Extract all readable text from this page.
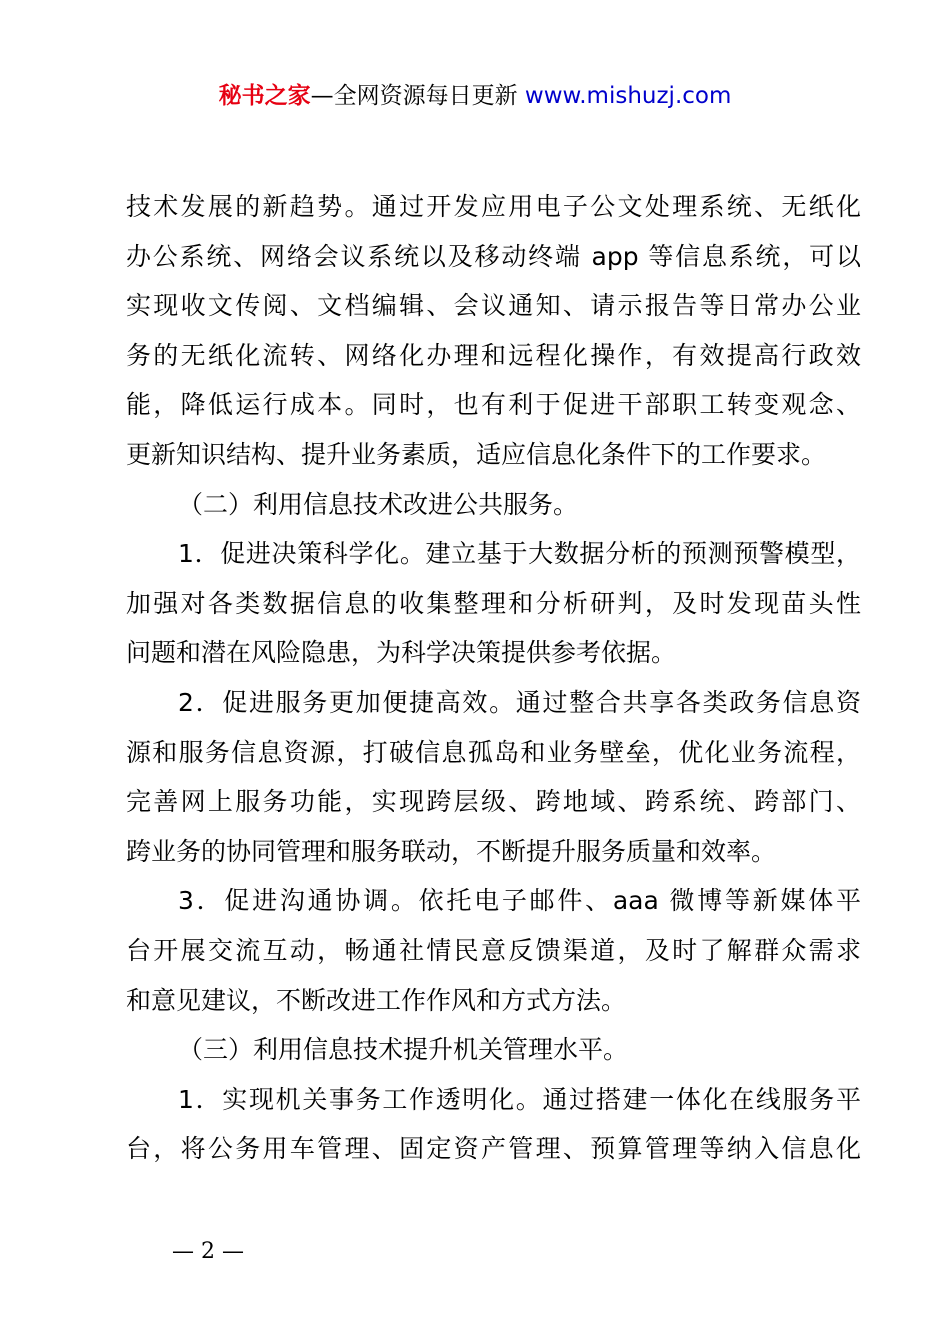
秘书之家—全网资源每日更新 www.mishuzj.com
技术发展的新趋势。通过开发应用电子公文处理系统、无纸化
办公系统、网络会议系统以及移动终端 app 等信息系统，可以
实现收文传阅、文档编辑、会议通知、请示报告等日常办公业
务的无纸化流转、网络化办理和远程化操作，有效提高行政效
能，降低运行成本。同时，也有利于促进干部职工转变观念、
更新知识结构、提升业务素质，适应信息化条件下的工作要求。
（二）利用信息技术改进公共服务。
1．促进决策科学化。建立基于大数据分析的预测预警模型，
加强对各类数据信息的收集整理和分析研判，及时发现苗头性
问题和潜在风险隐患，为科学决策提供参考依据。
2．促进服务更加便捷高效。通过整合共享各类政务信息资
源和服务信息资源，打破信息孤岛和业务壁垒，优化业务流程，
完善网上服务功能，实现跨层级、跨地域、跨系统、跨部门、
跨业务的协同管理和服务联动，不断提升服务质量和效率。
3．促进沟通协调。依托电子邮件、aaa 微博等新媒体平
台开展交流互动，畅通社情民意反馈渠道，及时了解群众需求
和意见建议，不断改进工作作风和方式方法。
（三）利用信息技术提升机关管理水平。
1．实现机关事务工作透明化。通过搭建一体化在线服务平
台，将公务用车管理、固定资产管理、预算管理等纳入信息化
— 2 —
